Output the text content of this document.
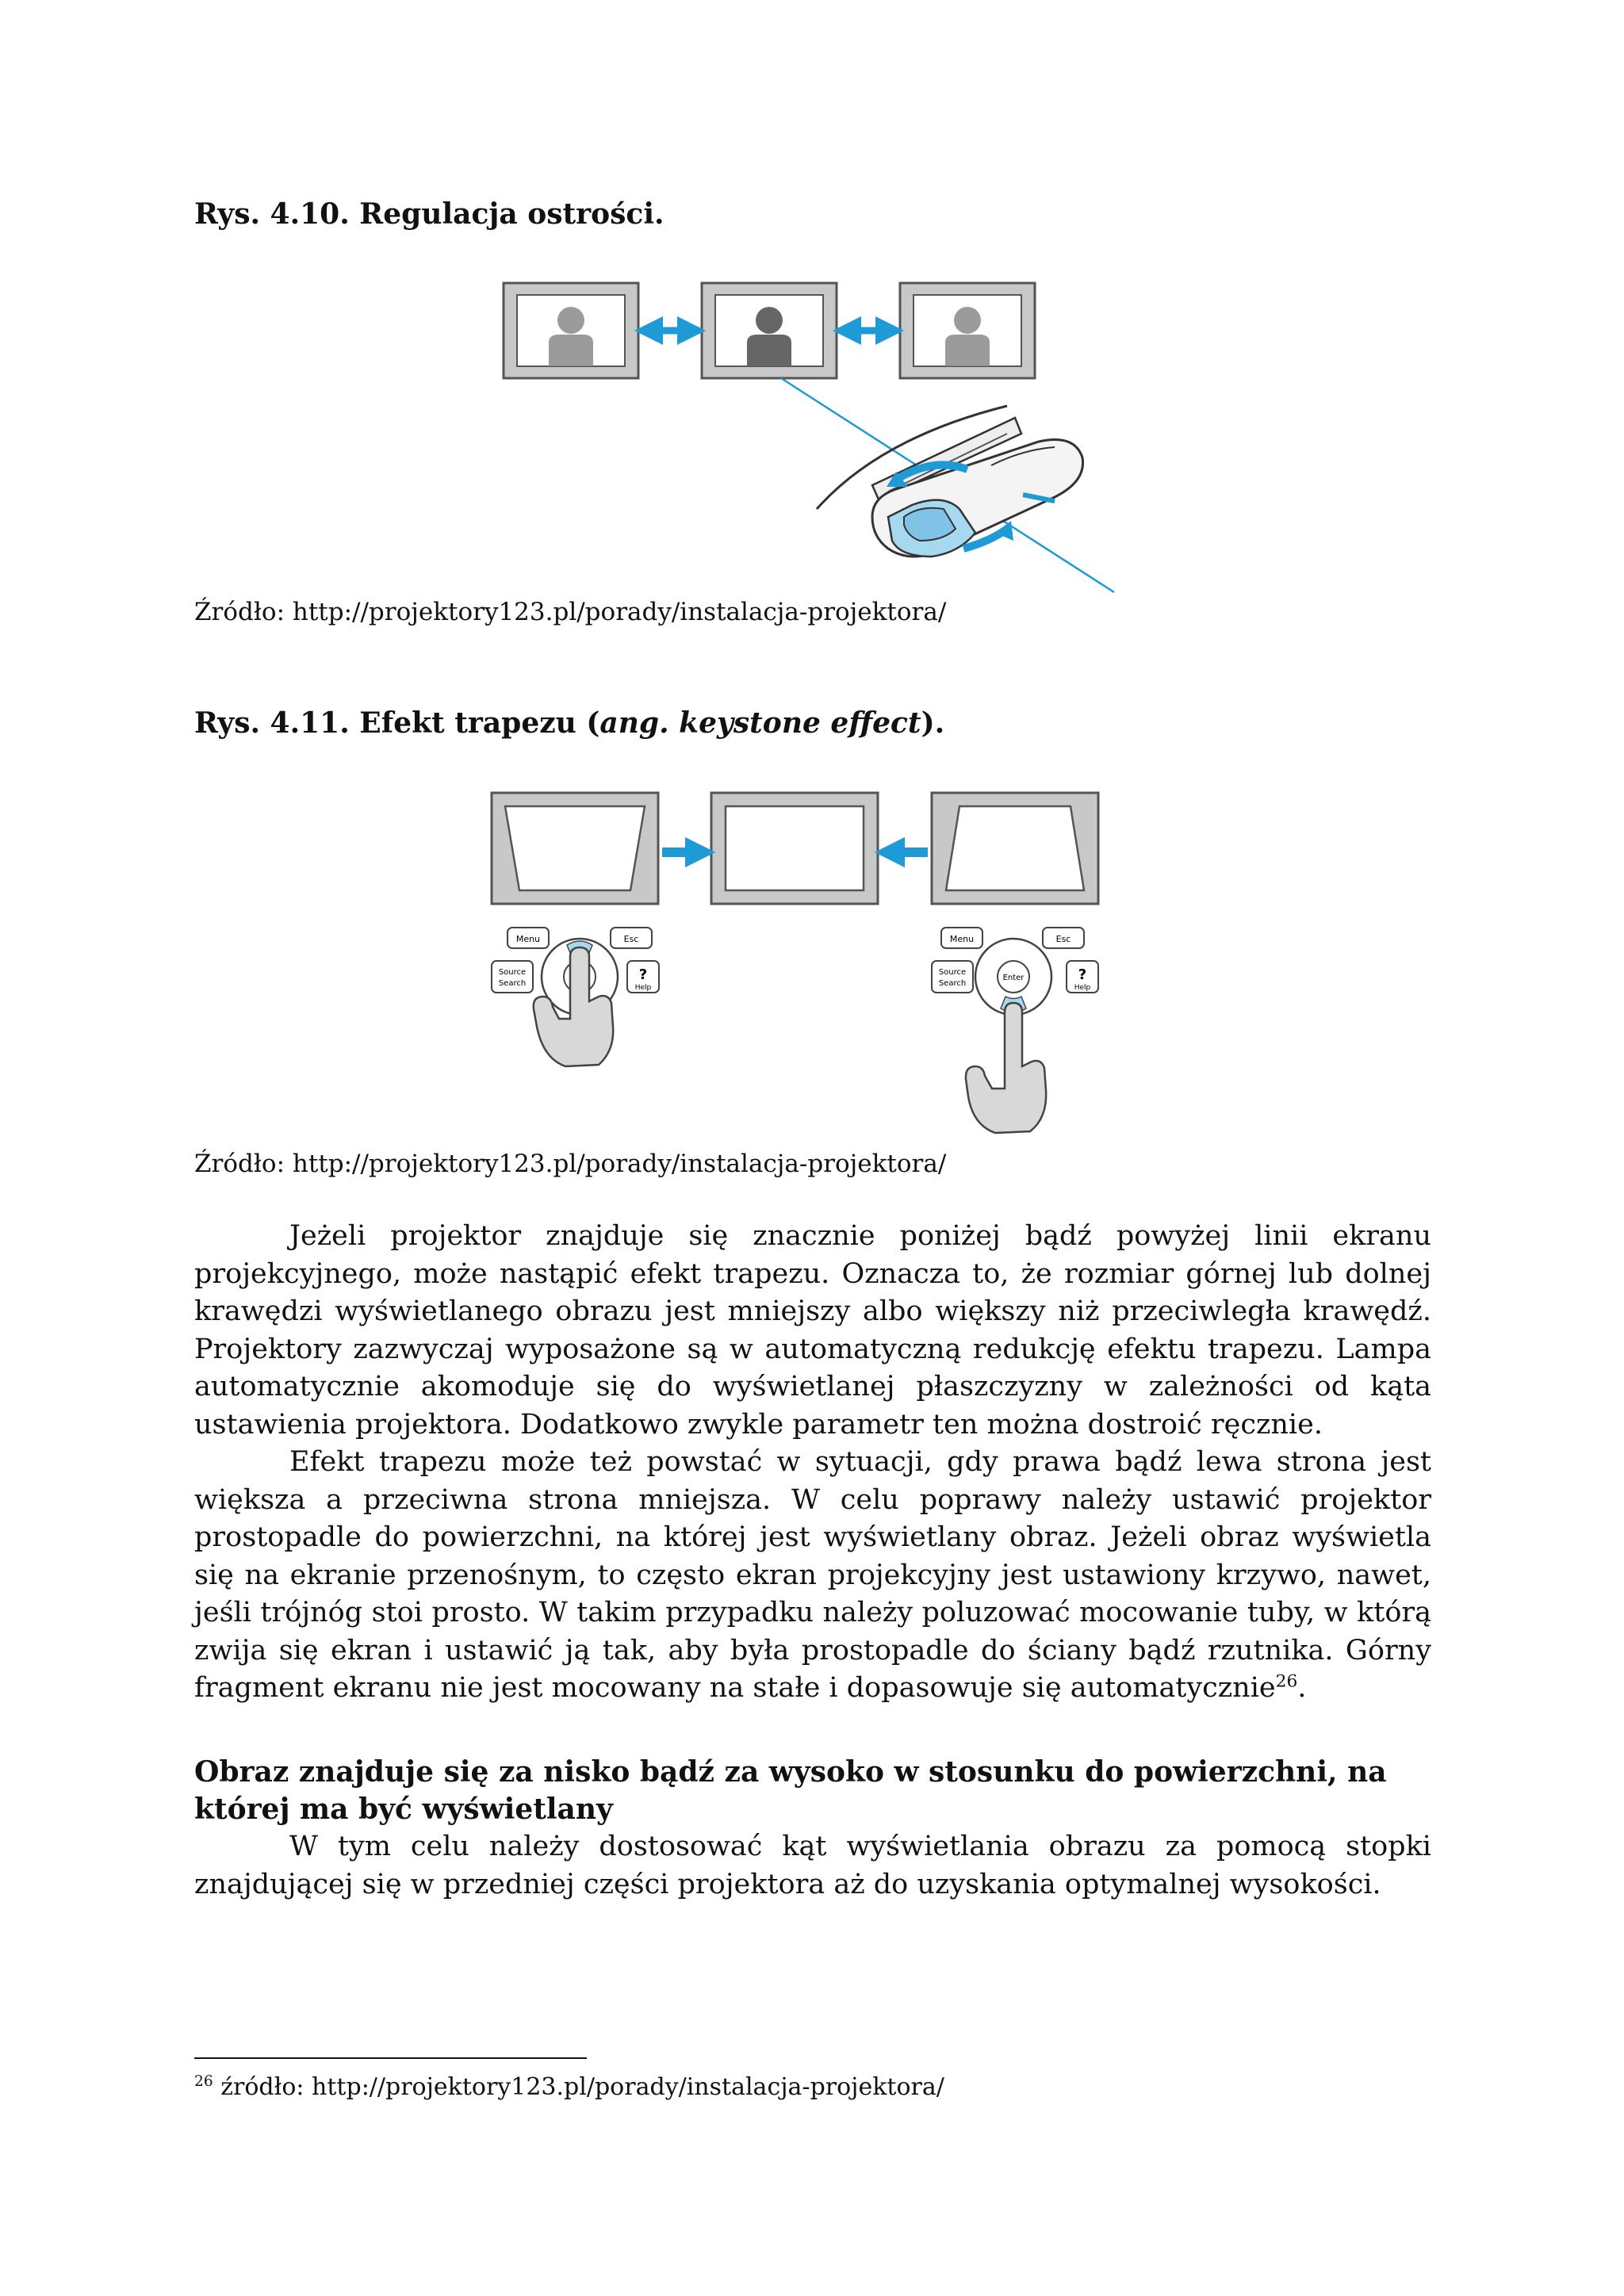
Rys. 4.10. Regulacja ostrości.

Źródło: http://projektory123.pl/porady/instalacja-projektora/

Rys. 4.11. Efekt trapezu (ang. keystone effect).
Menu	Esc
Source
Search
?
Help
Menu	Esc
Source
Search
Enter	?
Help

Źródło: http://projektory123.pl/porady/instalacja-projektora/

Jeżeli projektor znajduje się znacznie poniżej bądź powyżej linii ekranu projekcyjnego, może nastąpić efekt trapezu. Oznacza to, że rozmiar górnej lub dolnej krawędzi wyświetlanego obrazu jest mniejszy albo większy niż przeciwległa krawędź. Projektory zazwyczaj wyposażone są w automatyczną redukcję efektu trapezu. Lampa automatycznie akomoduje się do wyświetlanej płaszczyzny w zależności od kąta ustawienia projektora. Dodatkowo zwykle parametr ten można dostroić ręcznie.

Efekt trapezu może też powstać w sytuacji, gdy prawa bądź lewa strona jest większa a przeciwna strona mniejsza. W celu poprawy należy ustawić projektor prostopadle do powierzchni, na której jest wyświetlany obraz. Jeżeli obraz wyświetla się na ekranie przenośnym, to często ekran projekcyjny jest ustawiony krzywo, nawet, jeśli trójnóg stoi prosto. W takim przypadku należy poluzować mocowanie tuby, w którą zwija się ekran i ustawić ją tak, aby była prostopadle do ściany bądź rzutnika. Górny fragment ekranu nie jest mocowany na stałe i dopasowuje się automatycznie$^{26}$.

Obraz znajduje się za nisko bądź za wysoko w stosunku do powierzchni, na której ma być wyświetlany

W tym celu należy dostosować kąt wyświetlania obrazu za pomocą stopki znajdującej się w przedniej części projektora aż do uzyskania optymalnej wysokości.

$^{26}$ źródło: http://projektory123.pl/porady/instalacja-projektora/
